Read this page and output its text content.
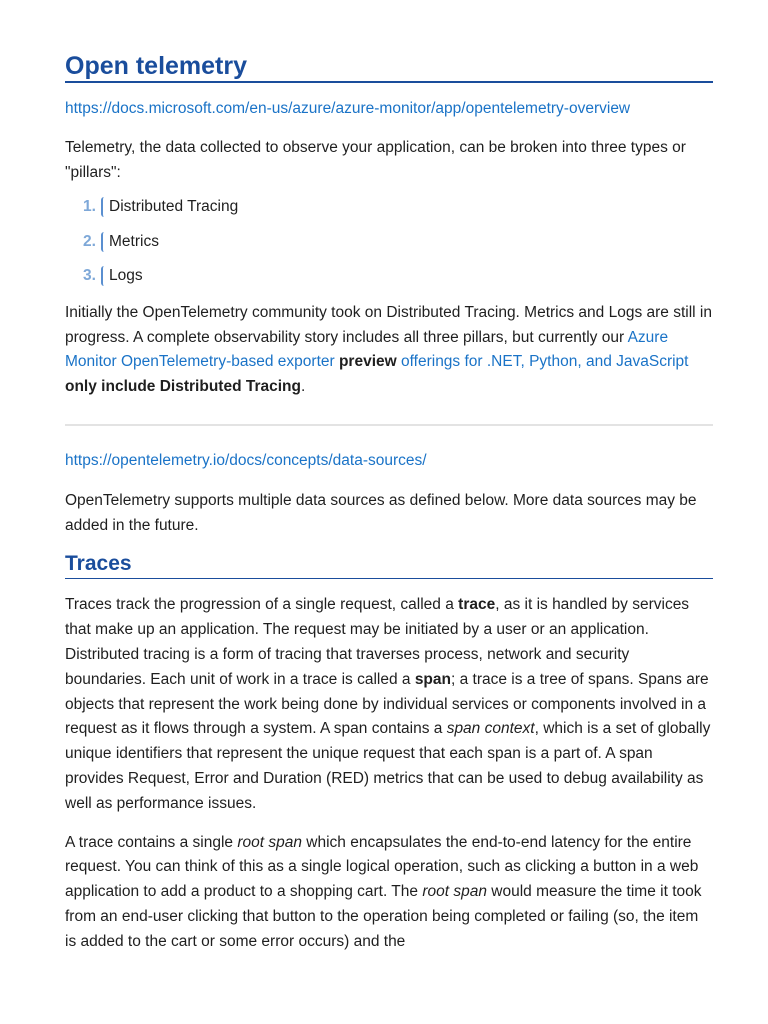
Open telemetry

https://docs.microsoft.com/en-us/azure/azure-monitor/app/opentelemetry-overview

Telemetry, the data collected to observe your application, can be broken into three types or "pillars":

1. Distributed Tracing
2. Metrics
3. Logs

Initially the OpenTelemetry community took on Distributed Tracing. Metrics and Logs are still in progress. A complete observability story includes all three pillars, but currently our Azure Monitor OpenTelemetry-based exporter preview offerings for .NET, Python, and JavaScript only include Distributed Tracing.

https://opentelemetry.io/docs/concepts/data-sources/

OpenTelemetry supports multiple data sources as defined below. More data sources may be added in the future.

Traces

Traces track the progression of a single request, called a trace, as it is handled by services that make up an application. The request may be initiated by a user or an application. Distributed tracing is a form of tracing that traverses process, network and security boundaries. Each unit of work in a trace is called a span; a trace is a tree of spans. Spans are objects that represent the work being done by individual services or components involved in a request as it flows through a system. A span contains a span context, which is a set of globally unique identifiers that represent the unique request that each span is a part of. A span provides Request, Error and Duration (RED) metrics that can be used to debug availability as well as performance issues.

A trace contains a single root span which encapsulates the end-to-end latency for the entire request. You can think of this as a single logical operation, such as clicking a button in a web application to add a product to a shopping cart. The root span would measure the time it took from an end-user clicking that button to the operation being completed or failing (so, the item is added to the cart or some error occurs) and the
